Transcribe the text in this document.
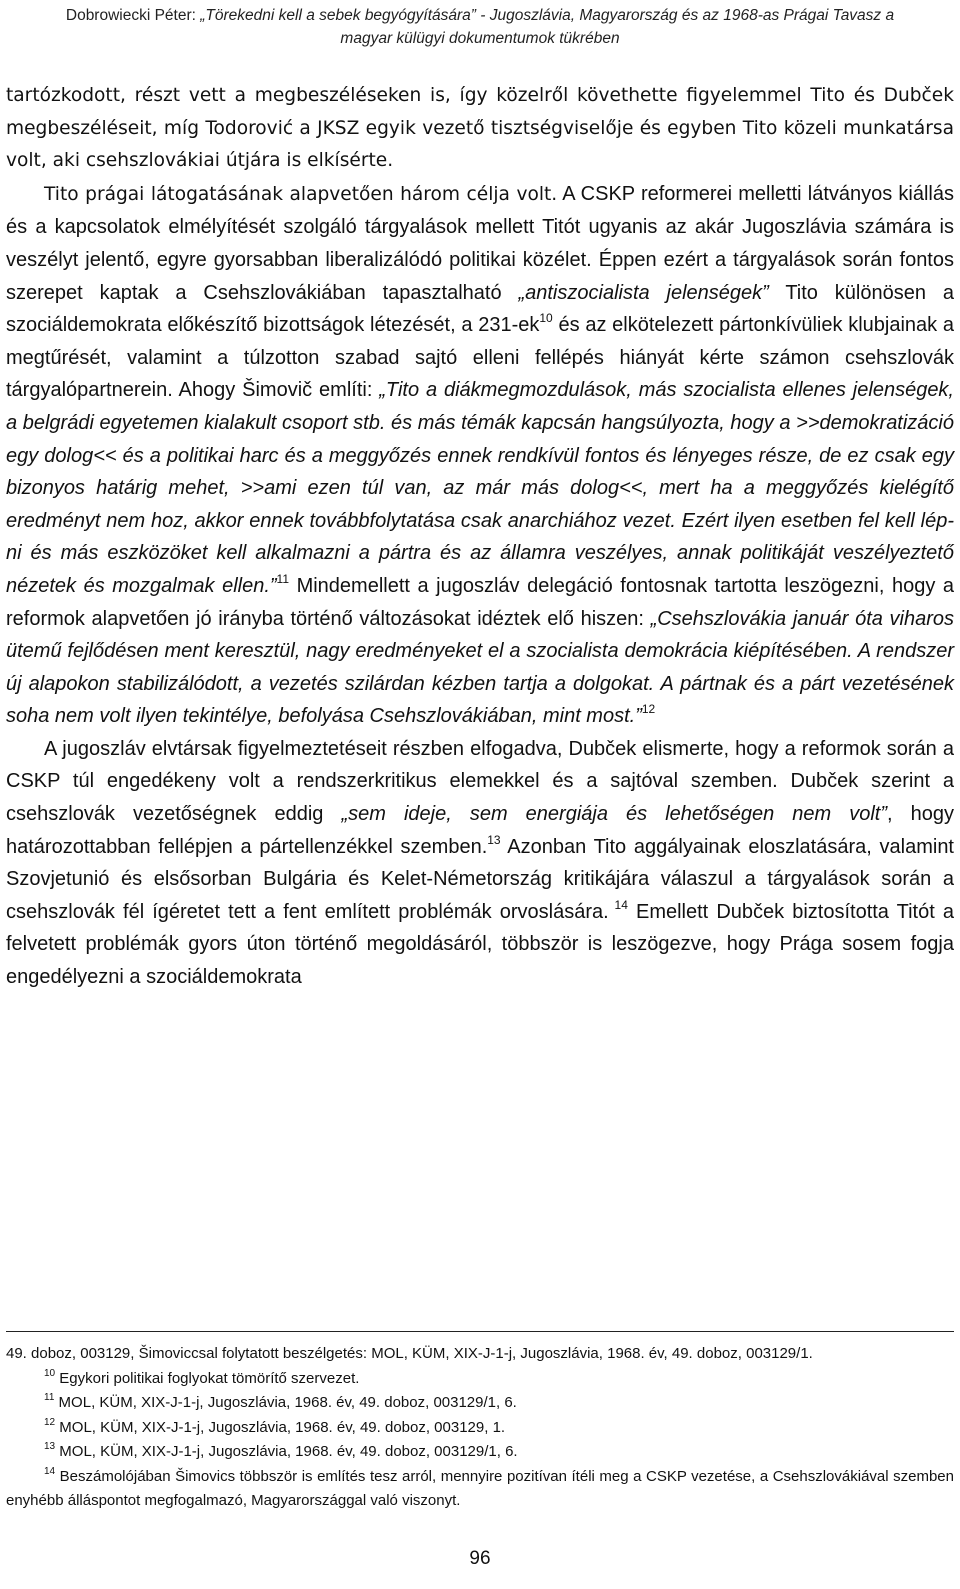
Dobrowiecki Péter: „Törekedni kell a sebek begyógyítására” - Jugoszlávia, Magyarország és az 1968-as Prágai Tavasz a
magyar külügyi dokumentumok tükrében

tartózkodott, részt vett a megbeszéléseken is, így közelről követhette figyelemmel Tito és Dubček megbeszéléseit, míg Todorović a JKSZ egyik vezető tisztségviselője és egyben Tito közeli munkatársa volt, aki csehszlovákiai útjára is elkísérte.

Tito prágai látogatásának alapvetően három célja volt. A CSKP reformerei melletti látványos kiállás és a kapcsolatok elmélyítését szolgáló tárgyalások mellett Titót ugyanis az akár Jugoszlávia számára is veszélyt jelentő, egyre gyorsabban liberalizálódó politikai közélet. Éppen ezért a tárgyalások során fontos szerepet kaptak a Csehszlovákiában tapasztalható „antiszocialista jelenségek” Tito különösen a szociáldemokrata előkészítő bizottságok létezését, a $231-ek^{10}$ és az elkötelezett pártonkívüliek klubjainak a megtűrését, valamint a túlzotton szabad sajtó elleni fellépés hiányát kérte számon csehszlovák tárgyalópartnerein. Ahogy Šimovič említi: „Tito a diákmegmozdulások, más szocialista ellenes jelenségek, a belgrádi egyetemen kialakult csoport stb. és más témák kapcsán hangsúlyozta, hogy a >>demokratizáció egy dolog<< és a politikai harc és a meggyőzés ennek rendkívül fontos és lényeges része, de ez csak egy bizonyos határig mehet, >>ami ezen túl van, az már más dolog<<, mert ha a meggyőzés kielégítő eredményt nem hoz, akkor ennek továbbfolytatása csak anarchiához vezet. Ezért ilyen esetben fel kell lépni és más eszközöket kell alkalmazni a pártra és az államra veszélyes, annak politikáját veszélyeztető nézetek és mozgalmak ellen.”$^{11}$ Mindemellett a jugoszláv delegáció fontosnak tartotta leszögezni, hogy a reformok alapvetően jó irányba történő változásokat idéztek elő hiszen: „Csehszlovákia január óta viharos ütemű fejlődésen ment keresztül, nagy eredményeket el a szocialista demokrácia kiépítésében. A rendszer új alapokon stabilizálódott, a vezetés szilárdan kézben tartja a dolgokat. A pártnak és a párt vezetésének soha nem volt ilyen tekintélye, befolyása Csehszlovákiában, mint most.”$^{12}$

A jugoszláv elvtársak figyelmeztetéseit részben elfogadva, Dubček elismerte, hogy a reformok során a CSKP túl engedékeny volt a rendszerkritikus elemekkel és a sajtóval szemben. Dubček szerint a csehszlovák vezetőségnek eddig „sem ideje, sem energiája és lehetőségen nem volt”, hogy határozottabban fellépjen a pártellenzékkel szemben.$^{13}$ Azonban Tito aggályainak eloszlatására, valamint Szovjetunió és elsősorban Bulgária és Kelet-Németország kritikájára válaszul a tárgyalások során a csehszlovák fél ígéretet tett a fent említett problémák orvoslására. $^{14}$ Emellett Dubček biztosította Titót a felvetett problémák gyors úton történő megoldásáról, többször is leszögezve, hogy Prága sosem fogja engedélyezni a szociáldemokrata

49. doboz, 003129, Šimoviccsal folytatott beszélgetés: MOL, KÜM, XIX-J-1-j, Jugoszlávia, 1968. év, 49. doboz, 003129/1.

$^{10}$ Egykori politikai foglyokat tömörítő szervezet.

$^{11}$ MOL, KÜM, XIX-J-1-j, Jugoszlávia, 1968. év, 49. doboz, 003129/1, 6.

$^{12}$ MOL, KÜM, XIX-J-1-j, Jugoszlávia, 1968. év, 49. doboz, 003129, 1.

$^{13}$ MOL, KÜM, XIX-J-1-j, Jugoszlávia, 1968. év, 49. doboz, 003129/1, 6.

$^{14}$ Beszámolójában Šimovics többször is említés tesz arról, mennyire pozitívan ítéli meg a CSKP vezetése, a Csehszlovákiával szemben enyhébb álláspontot megfogalmazó, Magyarországgal való viszonyt.

96
